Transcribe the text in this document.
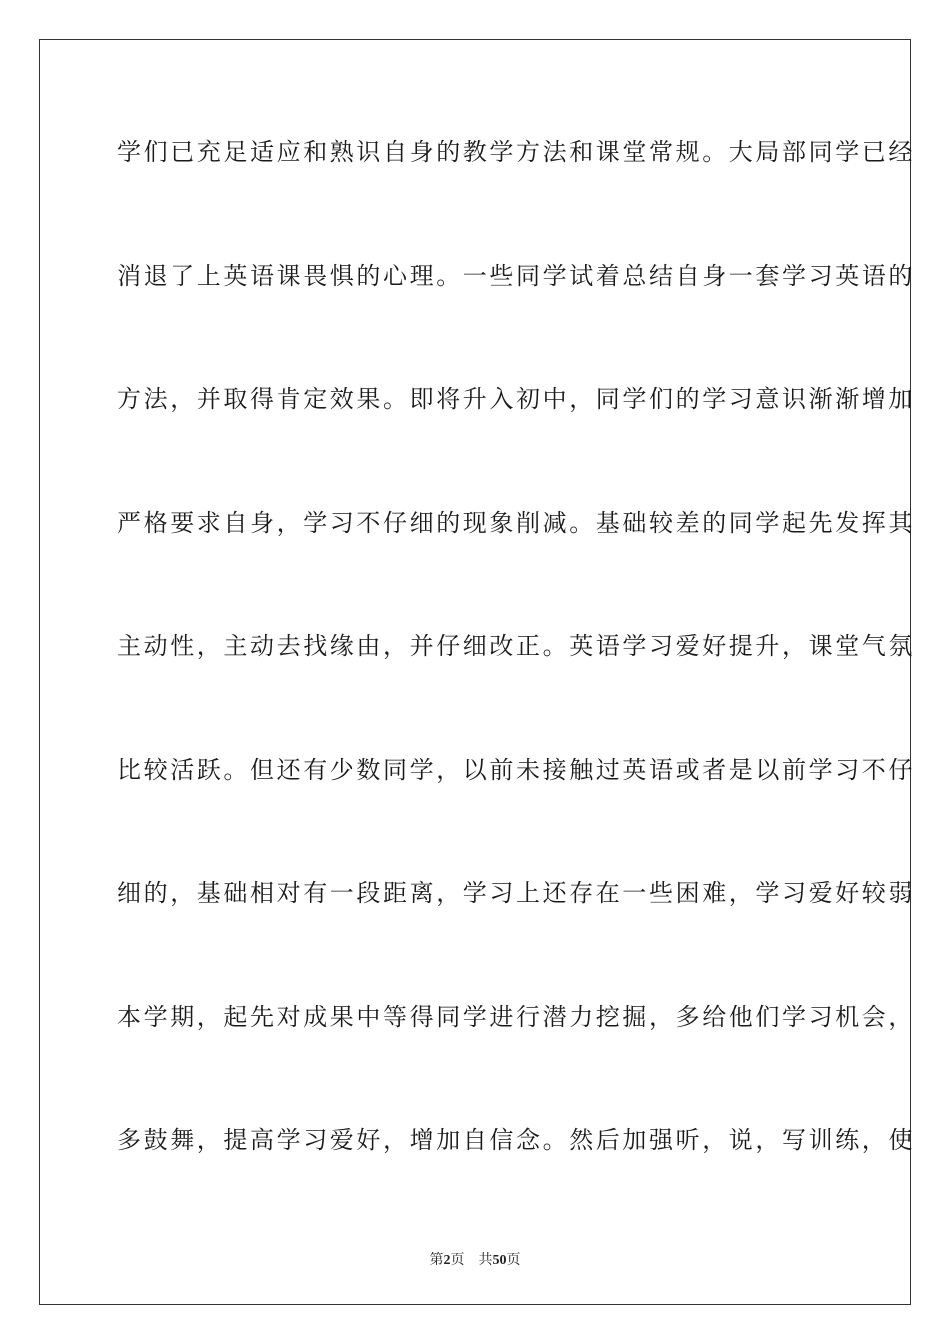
学们已充足适应和熟识自身的教学方法和课堂常规。大局部同学已经

消退了上英语课畏惧的心理。一些同学试着总结自身一套学习英语的

方法，并取得肯定效果。即将升入初中，同学们的学习意识渐渐增加

严格要求自身，学习不仔细的现象削减。基础较差的同学起先发挥其

主动性，主动去找缘由，并仔细改正。英语学习爱好提升，课堂气氛

比较活跃。但还有少数同学，以前未接触过英语或者是以前学习不仔

细的，基础相对有一段距离，学习上还存在一些困难，学习爱好较弱

本学期，起先对成果中等得同学进行潜力挖掘，多给他们学习机会，

多鼓舞，提高学习爱好，增加自信念。然后加强听，说，写训练，使

第2页 共50页
